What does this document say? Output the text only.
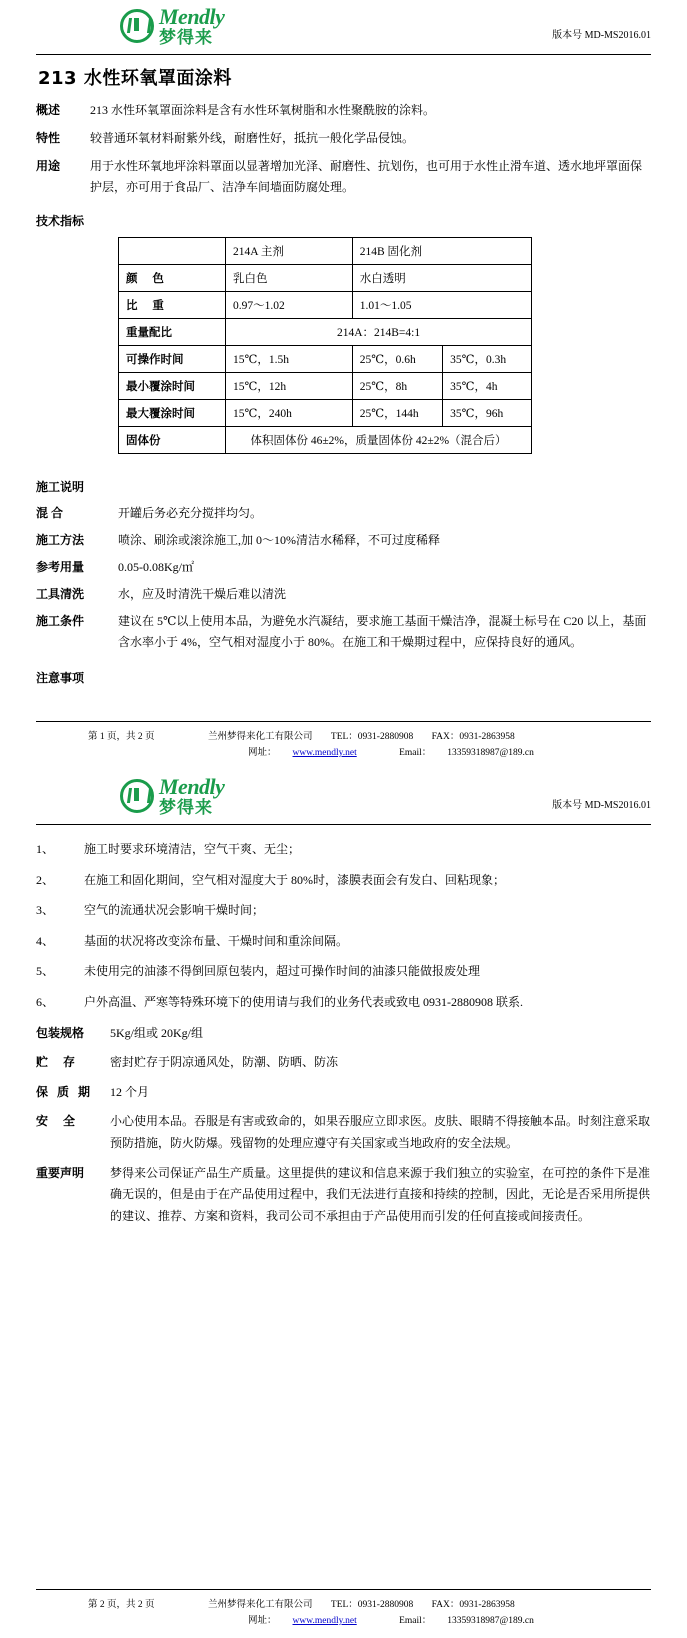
Mendly
梦得来	版本号 MD-MS2016.01
213 水性环氧罩面涂料
概述	213 水性环氧罩面涂料是含有水性环氧树脂和水性聚酰胺的涂料。
特性	较普通环氧材料耐紫外线，耐磨性好，抵抗一般化学品侵蚀。
用途	用于水性环氧地坪涂料罩面以显著增加光泽、耐磨性、抗划伤，也可用于水性止滑车道、透水地坪罩面保护层，亦可用于食品厂、洁净车间墙面防腐处理。
技术指标
	214A 主剂	214B 固化剂	
颜 色	乳白色	水白透明	
比 重	0.97～1.02	1.01～1.05	
重量配比	214A：214B=4:1		
可操作时间	15℃，1.5h	25℃，0.6h	35℃，0.3h
最小覆涂时间	15℃，12h	25℃，8h	35℃，4h
最大覆涂时间	15℃，240h	25℃，144h	35℃，96h
固体份	体积固体份 46±2%，质量固体份 42±2%（混合后）		
施工说明
混 合	开罐后务必充分搅拌均匀。
施工方法	喷涂、刷涂或滚涂施工,加 0～10%清洁水稀释，不可过度稀释
参考用量	0.05-0.08Kg/㎡
工具清洗	水，应及时清洗干燥后难以清洗
施工条件	建议在 5℃以上使用本品，为避免水汽凝结，要求施工基面干燥洁净，混凝土标号在 C20 以上，基面含水率小于 4%，空气相对湿度小于 80%。在施工和干燥期过程中，应保持良好的通风。
注意事项
第 1 页，共 2 页	兰州梦得来化工有限公司 TEL：0931-2880908 FAX：0931-2863958
网址： www.mendly.net	Email： 13359318987@189.cn
Mendly
梦得来	版本号 MD-MS2016.01
1、	施工时要求环境清洁，空气干爽、无尘；
2、	在施工和固化期间，空气相对湿度大于 80%时，漆膜表面会有发白、回粘现象；
3、	空气的流通状况会影响干燥时间；
4、	基面的状况将改变涂布量、干燥时间和重涂间隔。
5、	未使用完的油漆不得倒回原包装内，超过可操作时间的油漆只能做报废处理
6、	户外高温、严寒等特殊环境下的使用请与我们的业务代表或致电 0931-2880908 联系.
包装规格	5Kg/组或 20Kg/组
贮 存	密封贮存于阴凉通风处，防潮、防晒、防冻
保 质 期	12 个月
安 全	小心使用本品。吞服是有害或致命的，如果吞服应立即求医。皮肤、眼睛不得接触本品。时刻注意采取预防措施，防火防爆。残留物的处理应遵守有关国家或当地政府的安全法规。
重要声明	梦得来公司保证产品生产质量。这里提供的建议和信息来源于我们独立的实验室，在可控的条件下是准确无误的，但是由于在产品使用过程中，我们无法进行直接和持续的控制，因此，无论是否采用所提供的建议、推荐、方案和资料，我司公司不承担由于产品使用而引发的任何直接或间接责任。
第 2 页，共 2 页	兰州梦得来化工有限公司 TEL：0931-2880908 FAX：0931-2863958
网址： www.mendly.net	Email： 13359318987@189.cn
